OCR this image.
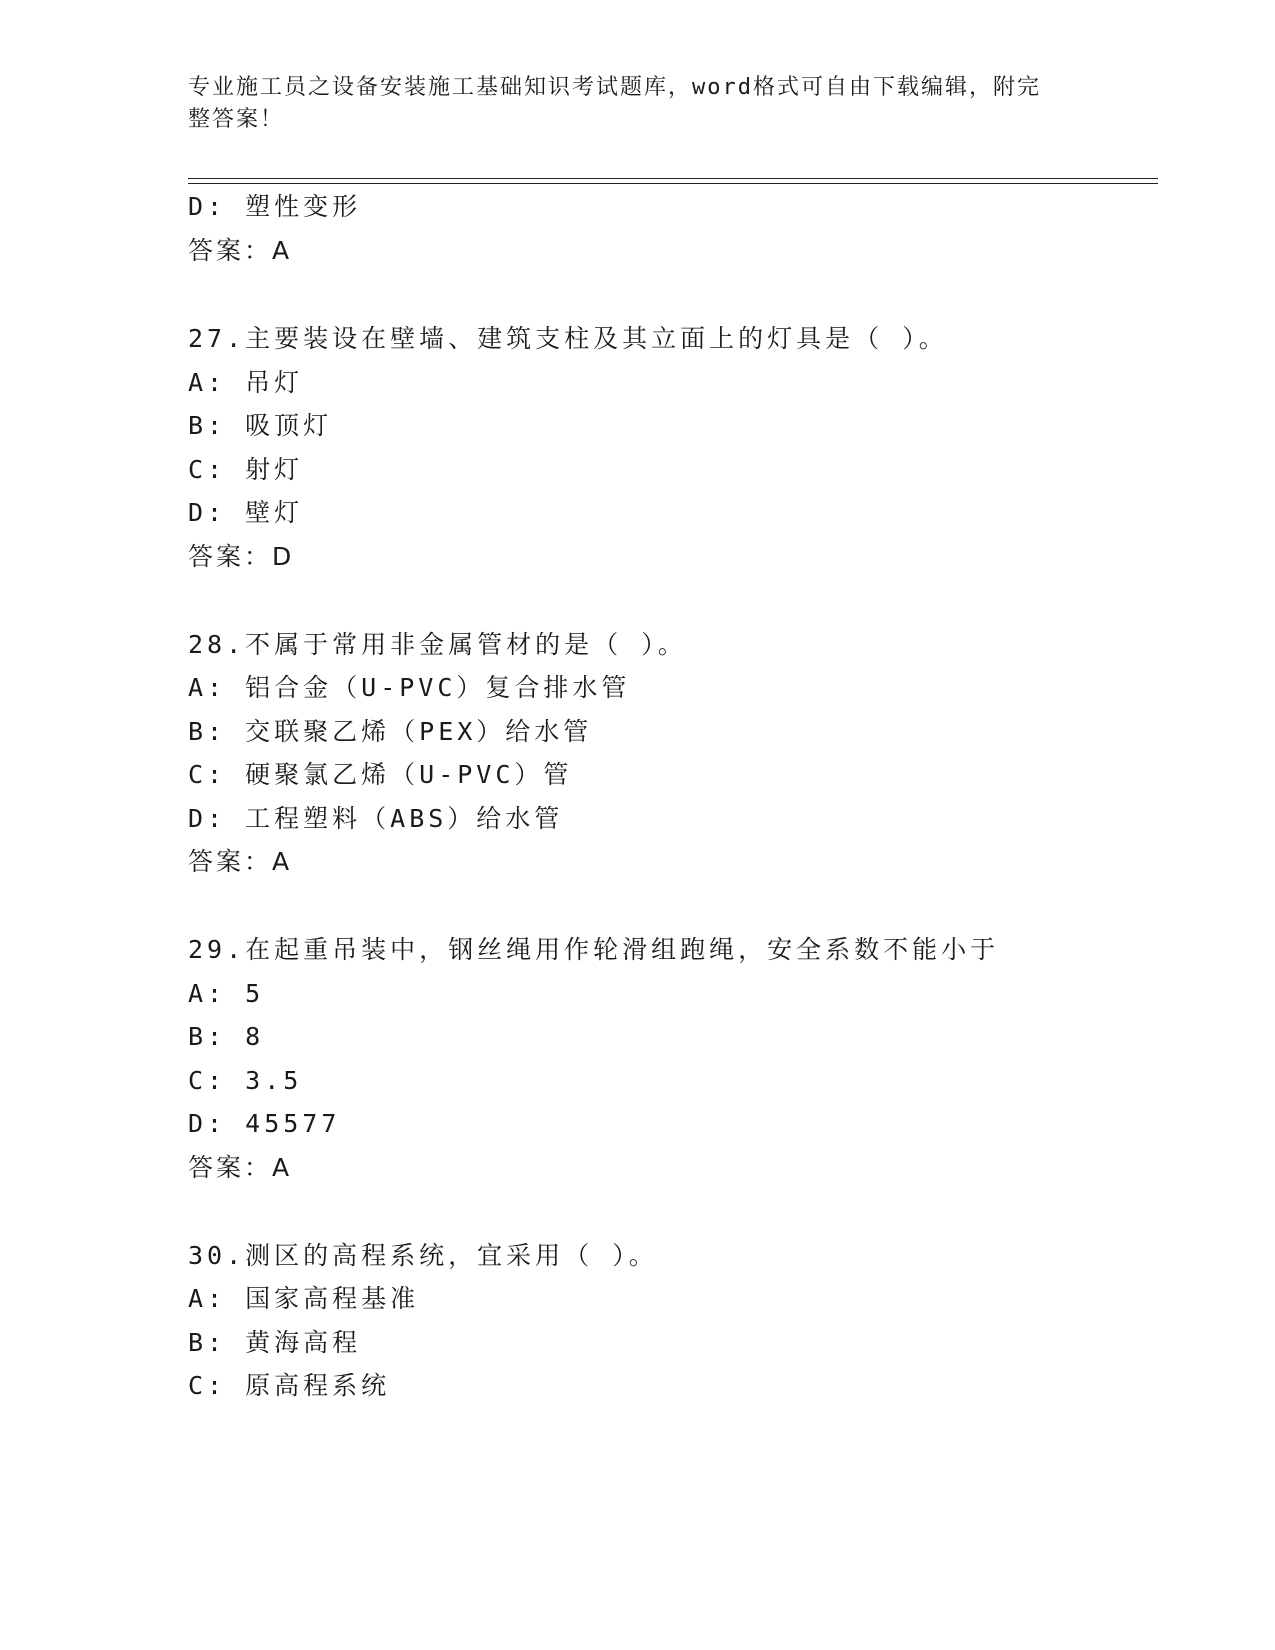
专业施工员之设备安装施工基础知识考试题库，word格式可自由下载编辑，附完
整答案！
D: 塑性变形
答案：A
27.主要装设在壁墙、建筑支柱及其立面上的灯具是（ ）。
A: 吊灯
B: 吸顶灯
C: 射灯
D: 壁灯
答案：D
28.不属于常用非金属管材的是（ ）。
A: 铝合金（U-PVC）复合排水管
B: 交联聚乙烯（PEX）给水管
C: 硬聚氯乙烯（U-PVC）管
D: 工程塑料（ABS）给水管
答案：A
29.在起重吊装中，钢丝绳用作轮滑组跑绳，安全系数不能小于
A: 5
B: 8
C: 3.5
D: 45577
答案：A
30.测区的高程系统，宜采用（ ）。
A: 国家高程基准
B: 黄海高程
C: 原高程系统
